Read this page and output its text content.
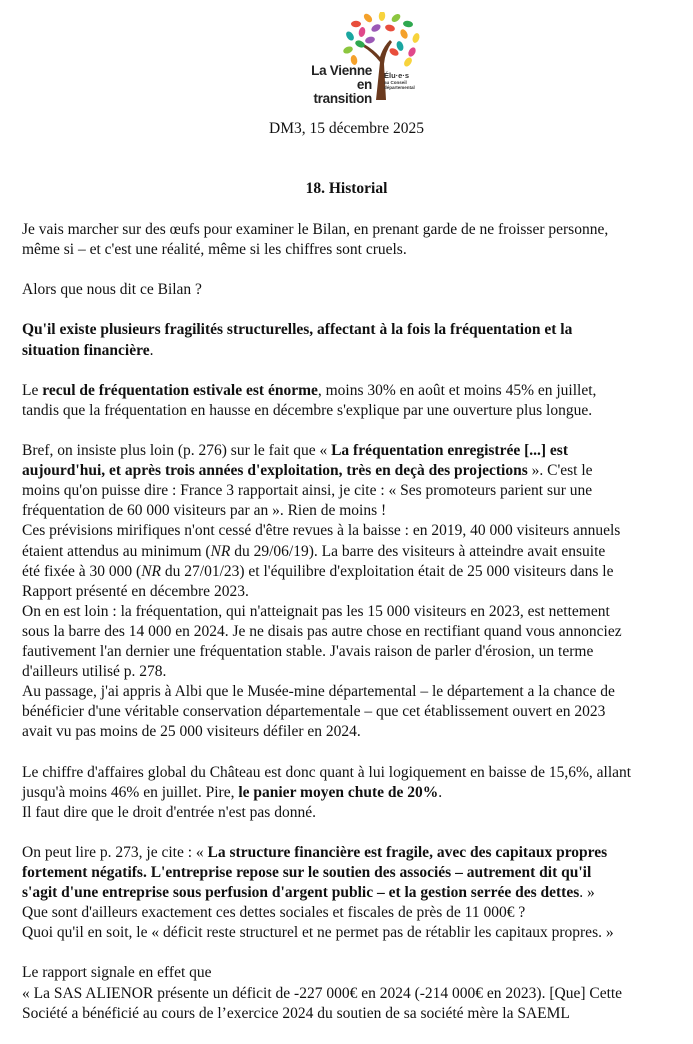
La Vienne
en transition
Élu·e·s
au Conseil
départemental
DM3, 15 décembre 2025
18. Historial
Je vais marcher sur des œufs pour examiner le Bilan, en prenant garde de ne froisser personne,
même si – et c'est une réalité, même si les chiffres sont cruels.
Alors que nous dit ce Bilan ?
Qu'il existe plusieurs fragilités structurelles, affectant à la fois la fréquentation et la
situation financière.
Le recul de fréquentation estivale est énorme, moins 30% en août et moins 45% en juillet,
tandis que la fréquentation en hausse en décembre s'explique par une ouverture plus longue.
Bref, on insiste plus loin (p. 276) sur le fait que « La fréquentation enregistrée [...] est
aujourd'hui, et après trois années d'exploitation, très en deçà des projections ». C'est le
moins qu'on puisse dire : France 3 rapportait ainsi, je cite : « Ses promoteurs parient sur une
fréquentation de 60 000 visiteurs par an ». Rien de moins !
Ces prévisions mirifiques n'ont cessé d'être revues à la baisse : en 2019, 40 000 visiteurs annuels
étaient attendus au minimum (NR du 29/06/19). La barre des visiteurs à atteindre avait ensuite
été fixée à 30 000 (NR du 27/01/23) et l'équilibre d'exploitation était de 25 000 visiteurs dans le
Rapport présenté en décembre 2023.
On en est loin : la fréquentation, qui n'atteignait pas les 15 000 visiteurs en 2023, est nettement
sous la barre des 14 000 en 2024. Je ne disais pas autre chose en rectifiant quand vous annonciez
fautivement l'an dernier une fréquentation stable. J'avais raison de parler d'érosion, un terme
d'ailleurs utilisé p. 278.
Au passage, j'ai appris à Albi que le Musée-mine départemental – le département a la chance de
bénéficier d'une véritable conservation départementale – que cet établissement ouvert en 2023
avait vu pas moins de 25 000 visiteurs défiler en 2024.
Le chiffre d'affaires global du Château est donc quant à lui logiquement en baisse de 15,6%, allant
jusqu'à moins 46% en juillet. Pire, le panier moyen chute de 20%.
Il faut dire que le droit d'entrée n'est pas donné.
On peut lire p. 273, je cite : « La structure financière est fragile, avec des capitaux propres
fortement négatifs. L'entreprise repose sur le soutien des associés – autrement dit qu'il
s'agit d'une entreprise sous perfusion d'argent public – et la gestion serrée des dettes. »
Que sont d'ailleurs exactement ces dettes sociales et fiscales de près de 11 000€ ?
Quoi qu'il en soit, le « déficit reste structurel et ne permet pas de rétablir les capitaux propres. »
Le rapport signale en effet que
« La SAS ALIENOR présente un déficit de -227 000€ en 2024 (-214 000€ en 2023). [Que] Cette
Société a bénéficié au cours de l’exercice 2024 du soutien de sa société mère la SAEML
